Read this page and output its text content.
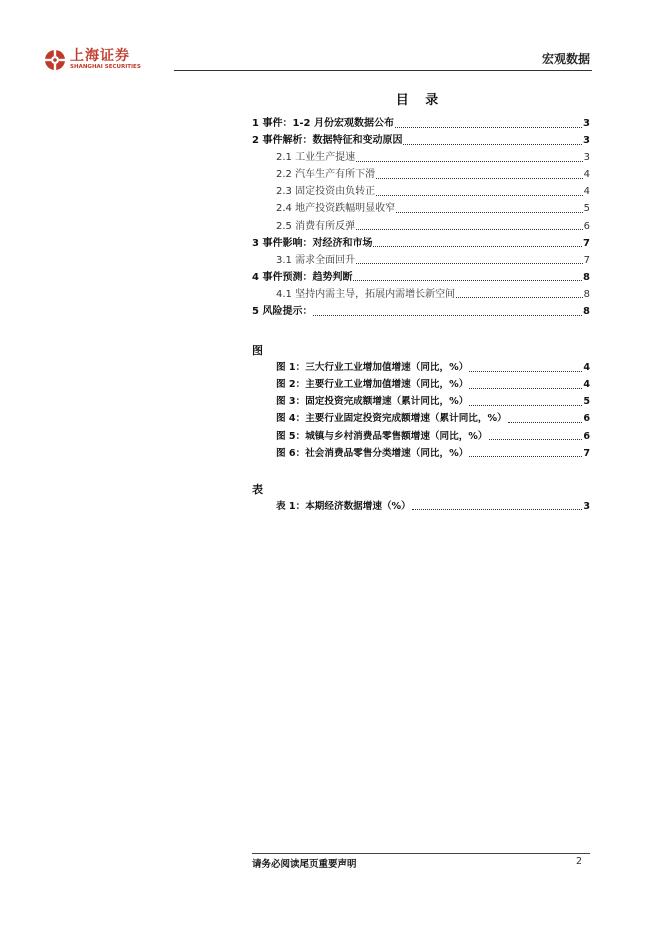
上海证券
SHANGHAI SECURITIES
宏观数据
目 录
1 事件：1-2 月份宏观数据公布	3
2 事件解析：数据特征和变动原因	3
2.1 工业生产提速	3
2.2 汽车生产有所下滑	4
2.3 固定投资由负转正	4
2.4 地产投资跌幅明显收窄	5
2.5 消费有所反弹	6
3 事件影响：对经济和市场	7
3.1 需求全面回升	7
4 事件预测：趋势判断	8
4.1 坚持内需主导，拓展内需增长新空间	8
5 风险提示：	8
图
图 1：三大行业工业增加值增速（同比，%）	4
图 2：主要行业工业增加值增速（同比，%）	4
图 3：固定投资完成额增速（累计同比，%）	5
图 4：主要行业固定投资完成额增速（累计同比，%）	6
图 5：城镇与乡村消费品零售额增速（同比，%）	6
图 6：社会消费品零售分类增速（同比，%）	7
表
表 1：本期经济数据增速（%）	3
请务必阅读尾页重要声明	2
